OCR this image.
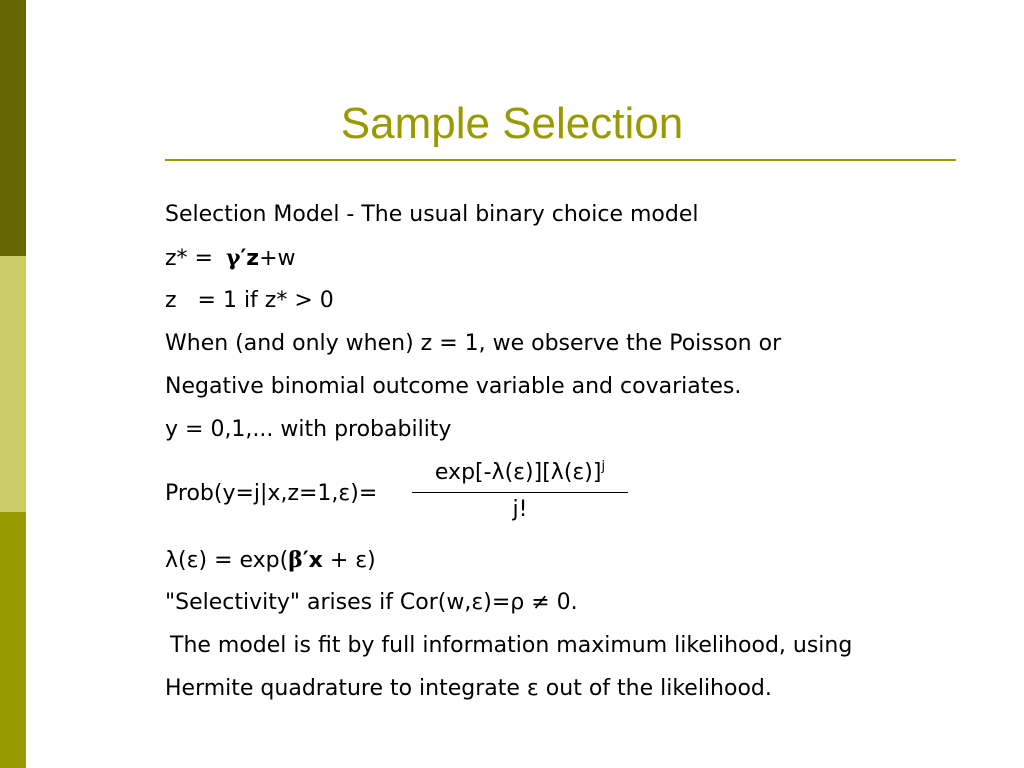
Sample Selection
Selection Model - The usual binary choice model
z* = γ′z+w
z   = 1 if z* > 0
When (and only when) z = 1, we observe the Poisson or
Negative binomial outcome variable and covariates.
y = 0,1,... with probability
Prob(y=j|x,z=1,ε)= $\frac{\exp[-\lambda(\varepsilon)][\lambda(\varepsilon)]^j}{j!}$
λ(ε) = exp(β′x + ε)
"Selectivity" arises if Cor(w,ε)=ρ ≠ 0.
The model is fit by full information maximum likelihood, using
Hermite quadrature to integrate ε out of the likelihood.
